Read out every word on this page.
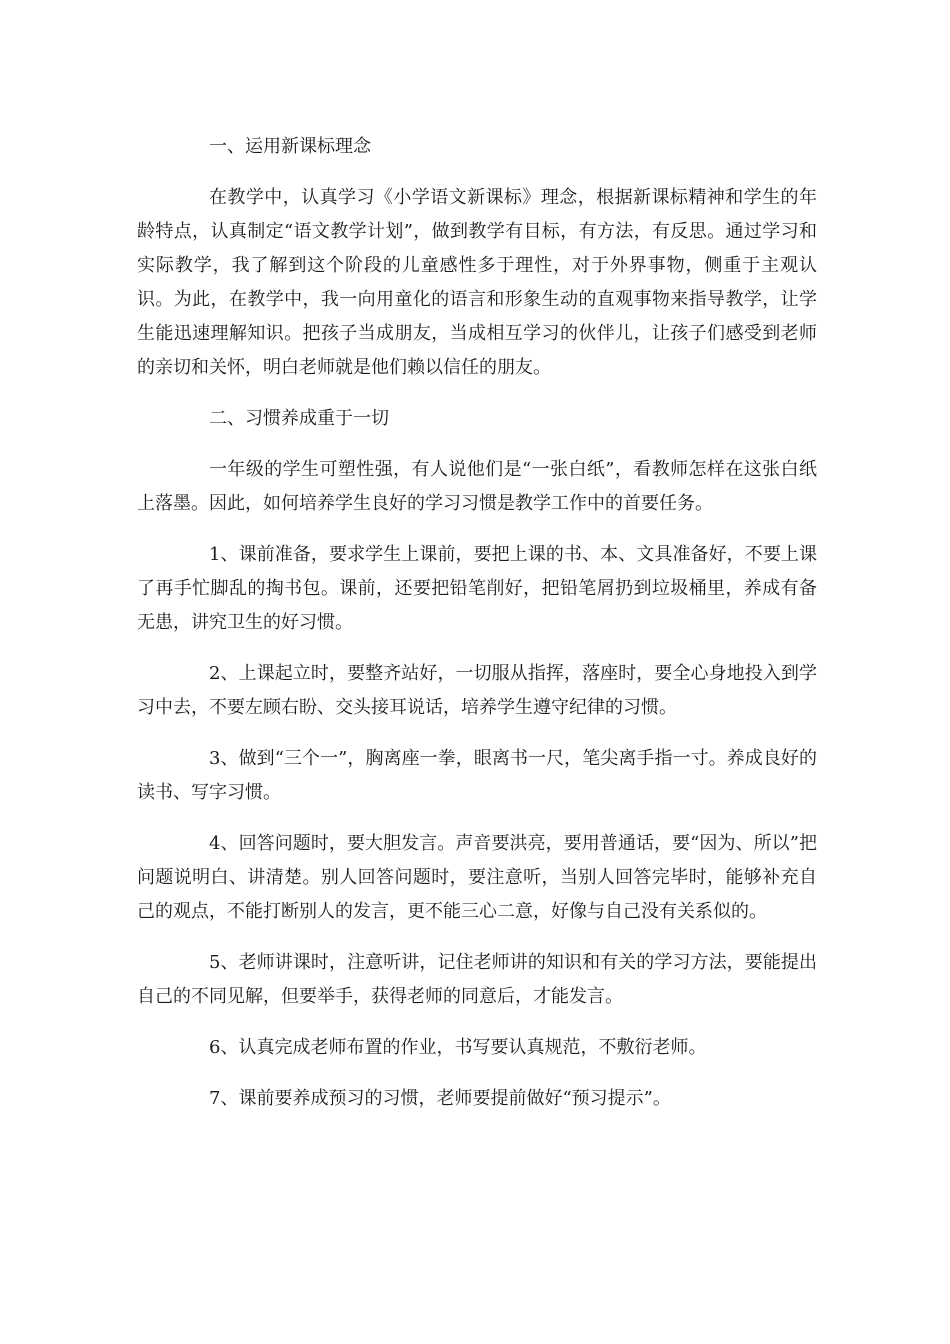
一、运用新课标理念

在教学中，认真学习《小学语文新课标》理念，根据新课标精神和学生的年龄特点，认真制定“语文教学计划”，做到教学有目标，有方法，有反思。通过学习和实际教学，我了解到这个阶段的儿童感性多于理性，对于外界事物，侧重于主观认识。为此，在教学中，我一向用童化的语言和形象生动的直观事物来指导教学，让学生能迅速理解知识。把孩子当成朋友，当成相互学习的伙伴儿，让孩子们感受到老师的亲切和关怀，明白老师就是他们赖以信任的朋友。

二、习惯养成重于一切

一年级的学生可塑性强，有人说他们是“一张白纸”，看教师怎样在这张白纸上落墨。因此，如何培养学生良好的学习习惯是教学工作中的首要任务。

1、课前准备，要求学生上课前，要把上课的书、本、文具准备好，不要上课了再手忙脚乱的掏书包。课前，还要把铅笔削好，把铅笔屑扔到垃圾桶里，养成有备无患，讲究卫生的好习惯。

2、上课起立时，要整齐站好，一切服从指挥，落座时，要全心身地投入到学习中去，不要左顾右盼、交头接耳说话，培养学生遵守纪律的习惯。

3、做到“三个一”，胸离座一拳，眼离书一尺，笔尖离手指一寸。养成良好的读书、写字习惯。

4、回答问题时，要大胆发言。声音要洪亮，要用普通话，要“因为、所以”把问题说明白、讲清楚。别人回答问题时，要注意听，当别人回答完毕时，能够补充自己的观点，不能打断别人的发言，更不能三心二意，好像与自己没有关系似的。

5、老师讲课时，注意听讲，记住老师讲的知识和有关的学习方法，要能提出自己的不同见解，但要举手，获得老师的同意后，才能发言。

6、认真完成老师布置的作业，书写要认真规范，不敷衍老师。

7、课前要养成预习的习惯，老师要提前做好“预习提示”。
